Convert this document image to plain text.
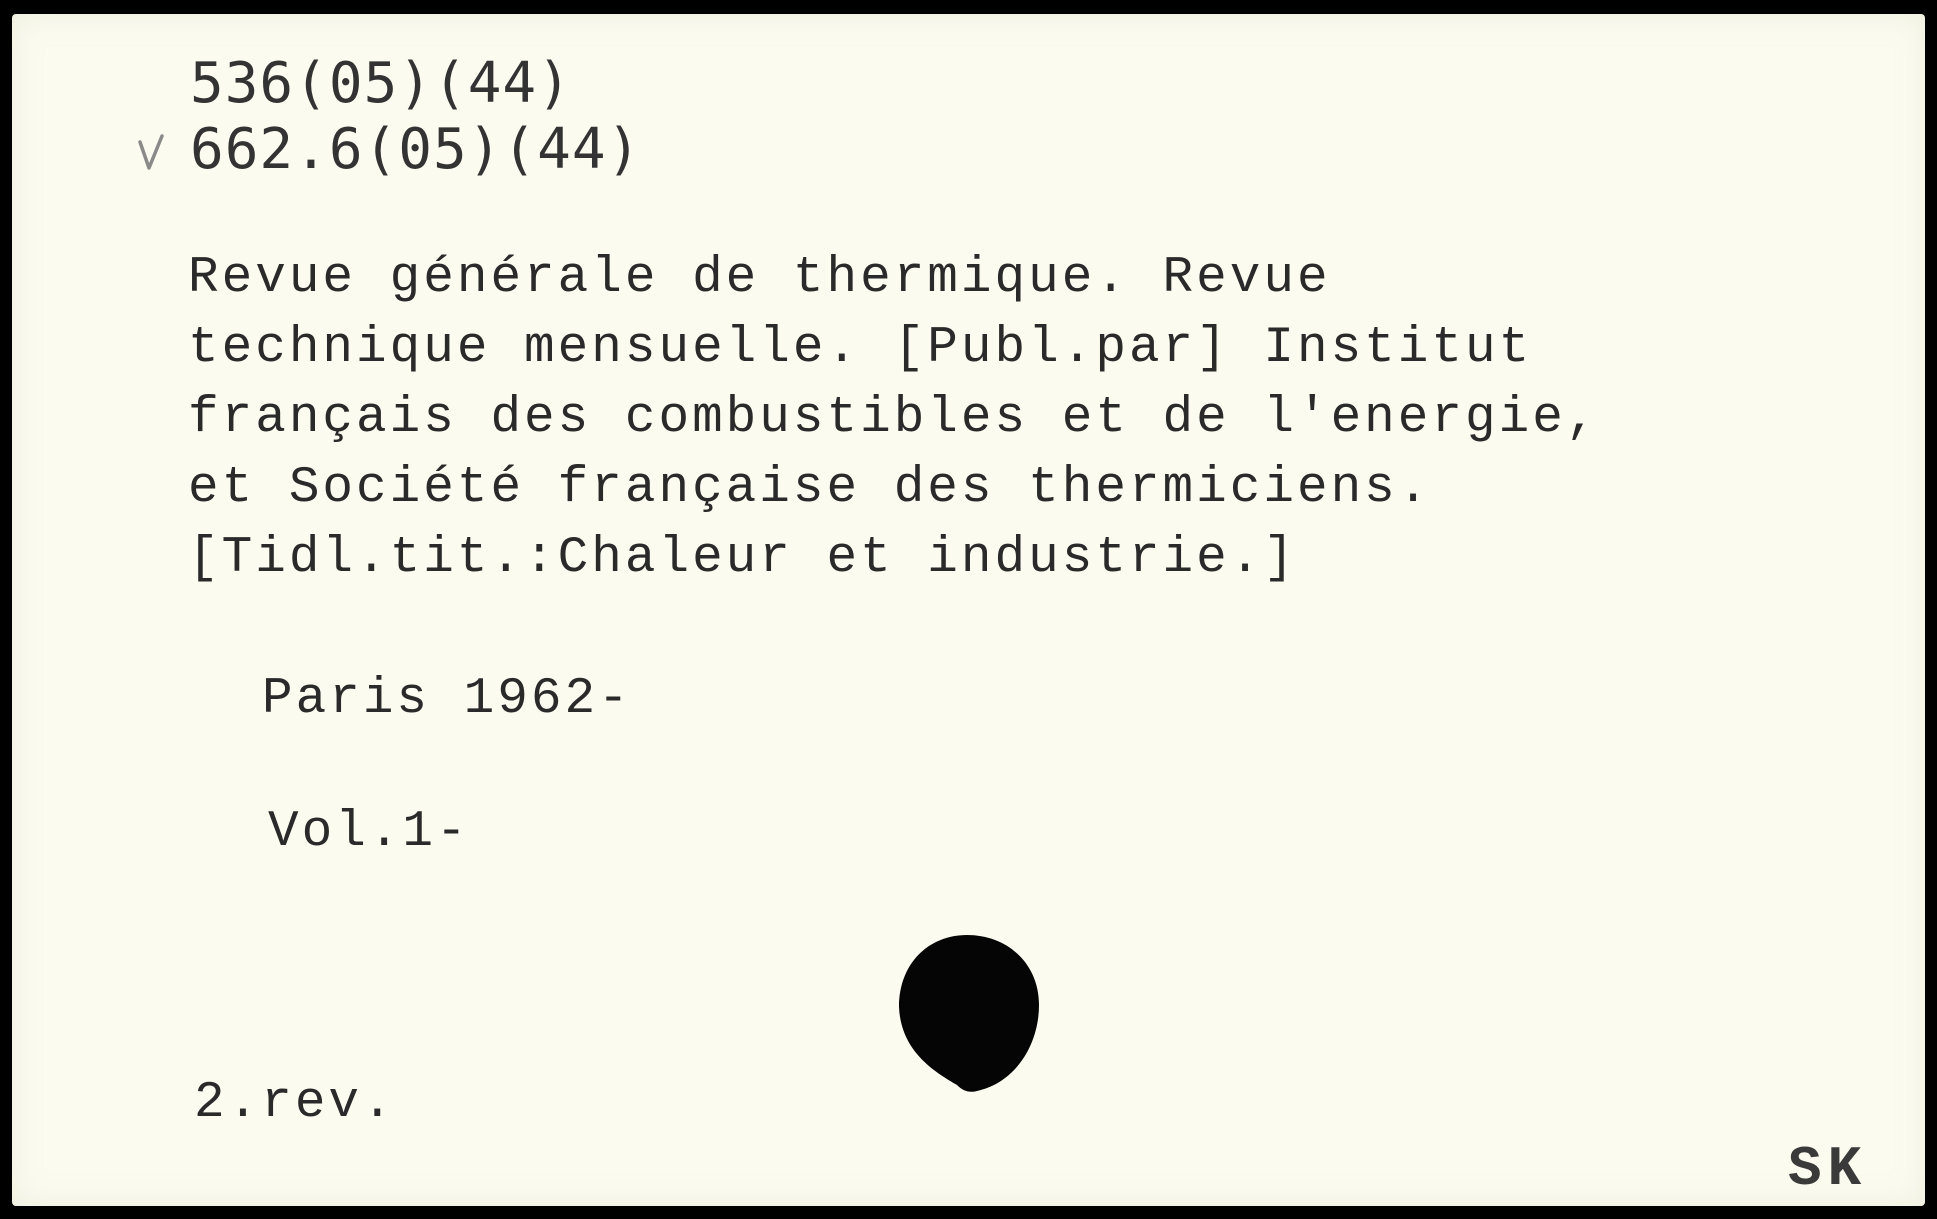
536(05)(44)
662.6(05)(44)
Revue générale de thermique. Revue
technique mensuelle. [Publ.par] Institut
français des combustibles et de l'energie,
et Société française des thermiciens.
[Tidl.tit.:Chaleur et industrie.]
Paris 1962-
Vol.1-
2.rev.
SK
